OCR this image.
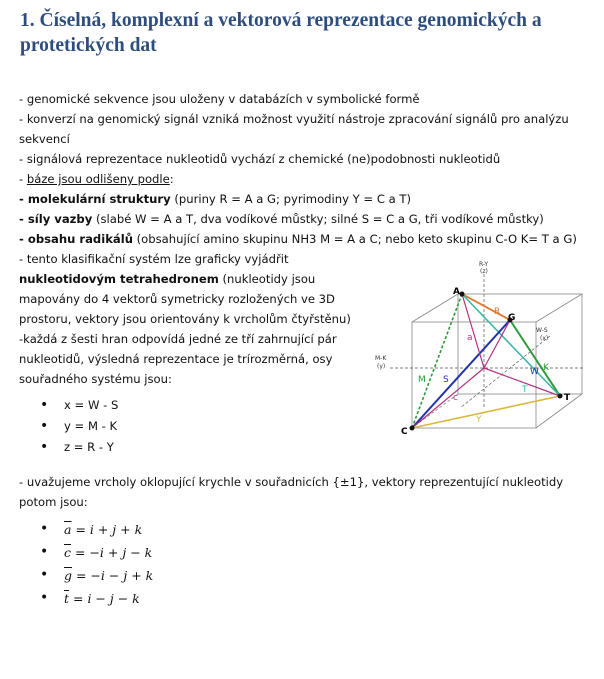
1. Číselná, komplexní a vektorová reprezentace genomických a protetických dat
- genomické sekvence jsou uloženy v databázích v symbolické formě
- konverzí na genomický signál vzniká možnost využití nástroje zpracování signálů pro analýzu sekvencí
- signálová reprezentace nukleotidů vychází z chemické (ne)podobnosti nukleotidů
- báze jsou odlišeny podle:
- molekulární struktury (puriny R = A a G; pyrimodiny Y = C a T)
- síly vazby (slabé W = A a T, dva vodíkové můstky; silné S = C a G, tři vodíkové můstky)
- obsahu radikálů (obsahující amino skupinu NH3 M = A a C; nebo keto skupinu C-O K= T a G)
- tento klasifikační systém lze graficky vyjádřit
nukleotidovým tetrahedronem (nukleotidy jsou mapovány do 4 vektorů symetricky rozložených ve 3D prostoru, vektory jsou orientovány k vrcholům čtyřstěnu)
-každá z šesti hran odpovídá jedné ze tří zahrnující pár nukleotidů, výsledná reprezentace je trírozměrná, osy souřadného systému jsou:
• x = W - S
• y = M - K
• z = R - Y
- uvažujeme vrcholy oklopující krychle v souřadnicích {±1}, vektory reprezentující nukleotidy potom jsou:
• $\overline{a} = i + j + k$
• $\overline{c} = -i + j - k$
• $\overline{g} = -i - j + k$
• $\overline{t} = i - j - k$
A
G
C
T
R
a
W K
M S
c
Y
T
R-Y
(z)
W-S
(x)
M-K
(y)
